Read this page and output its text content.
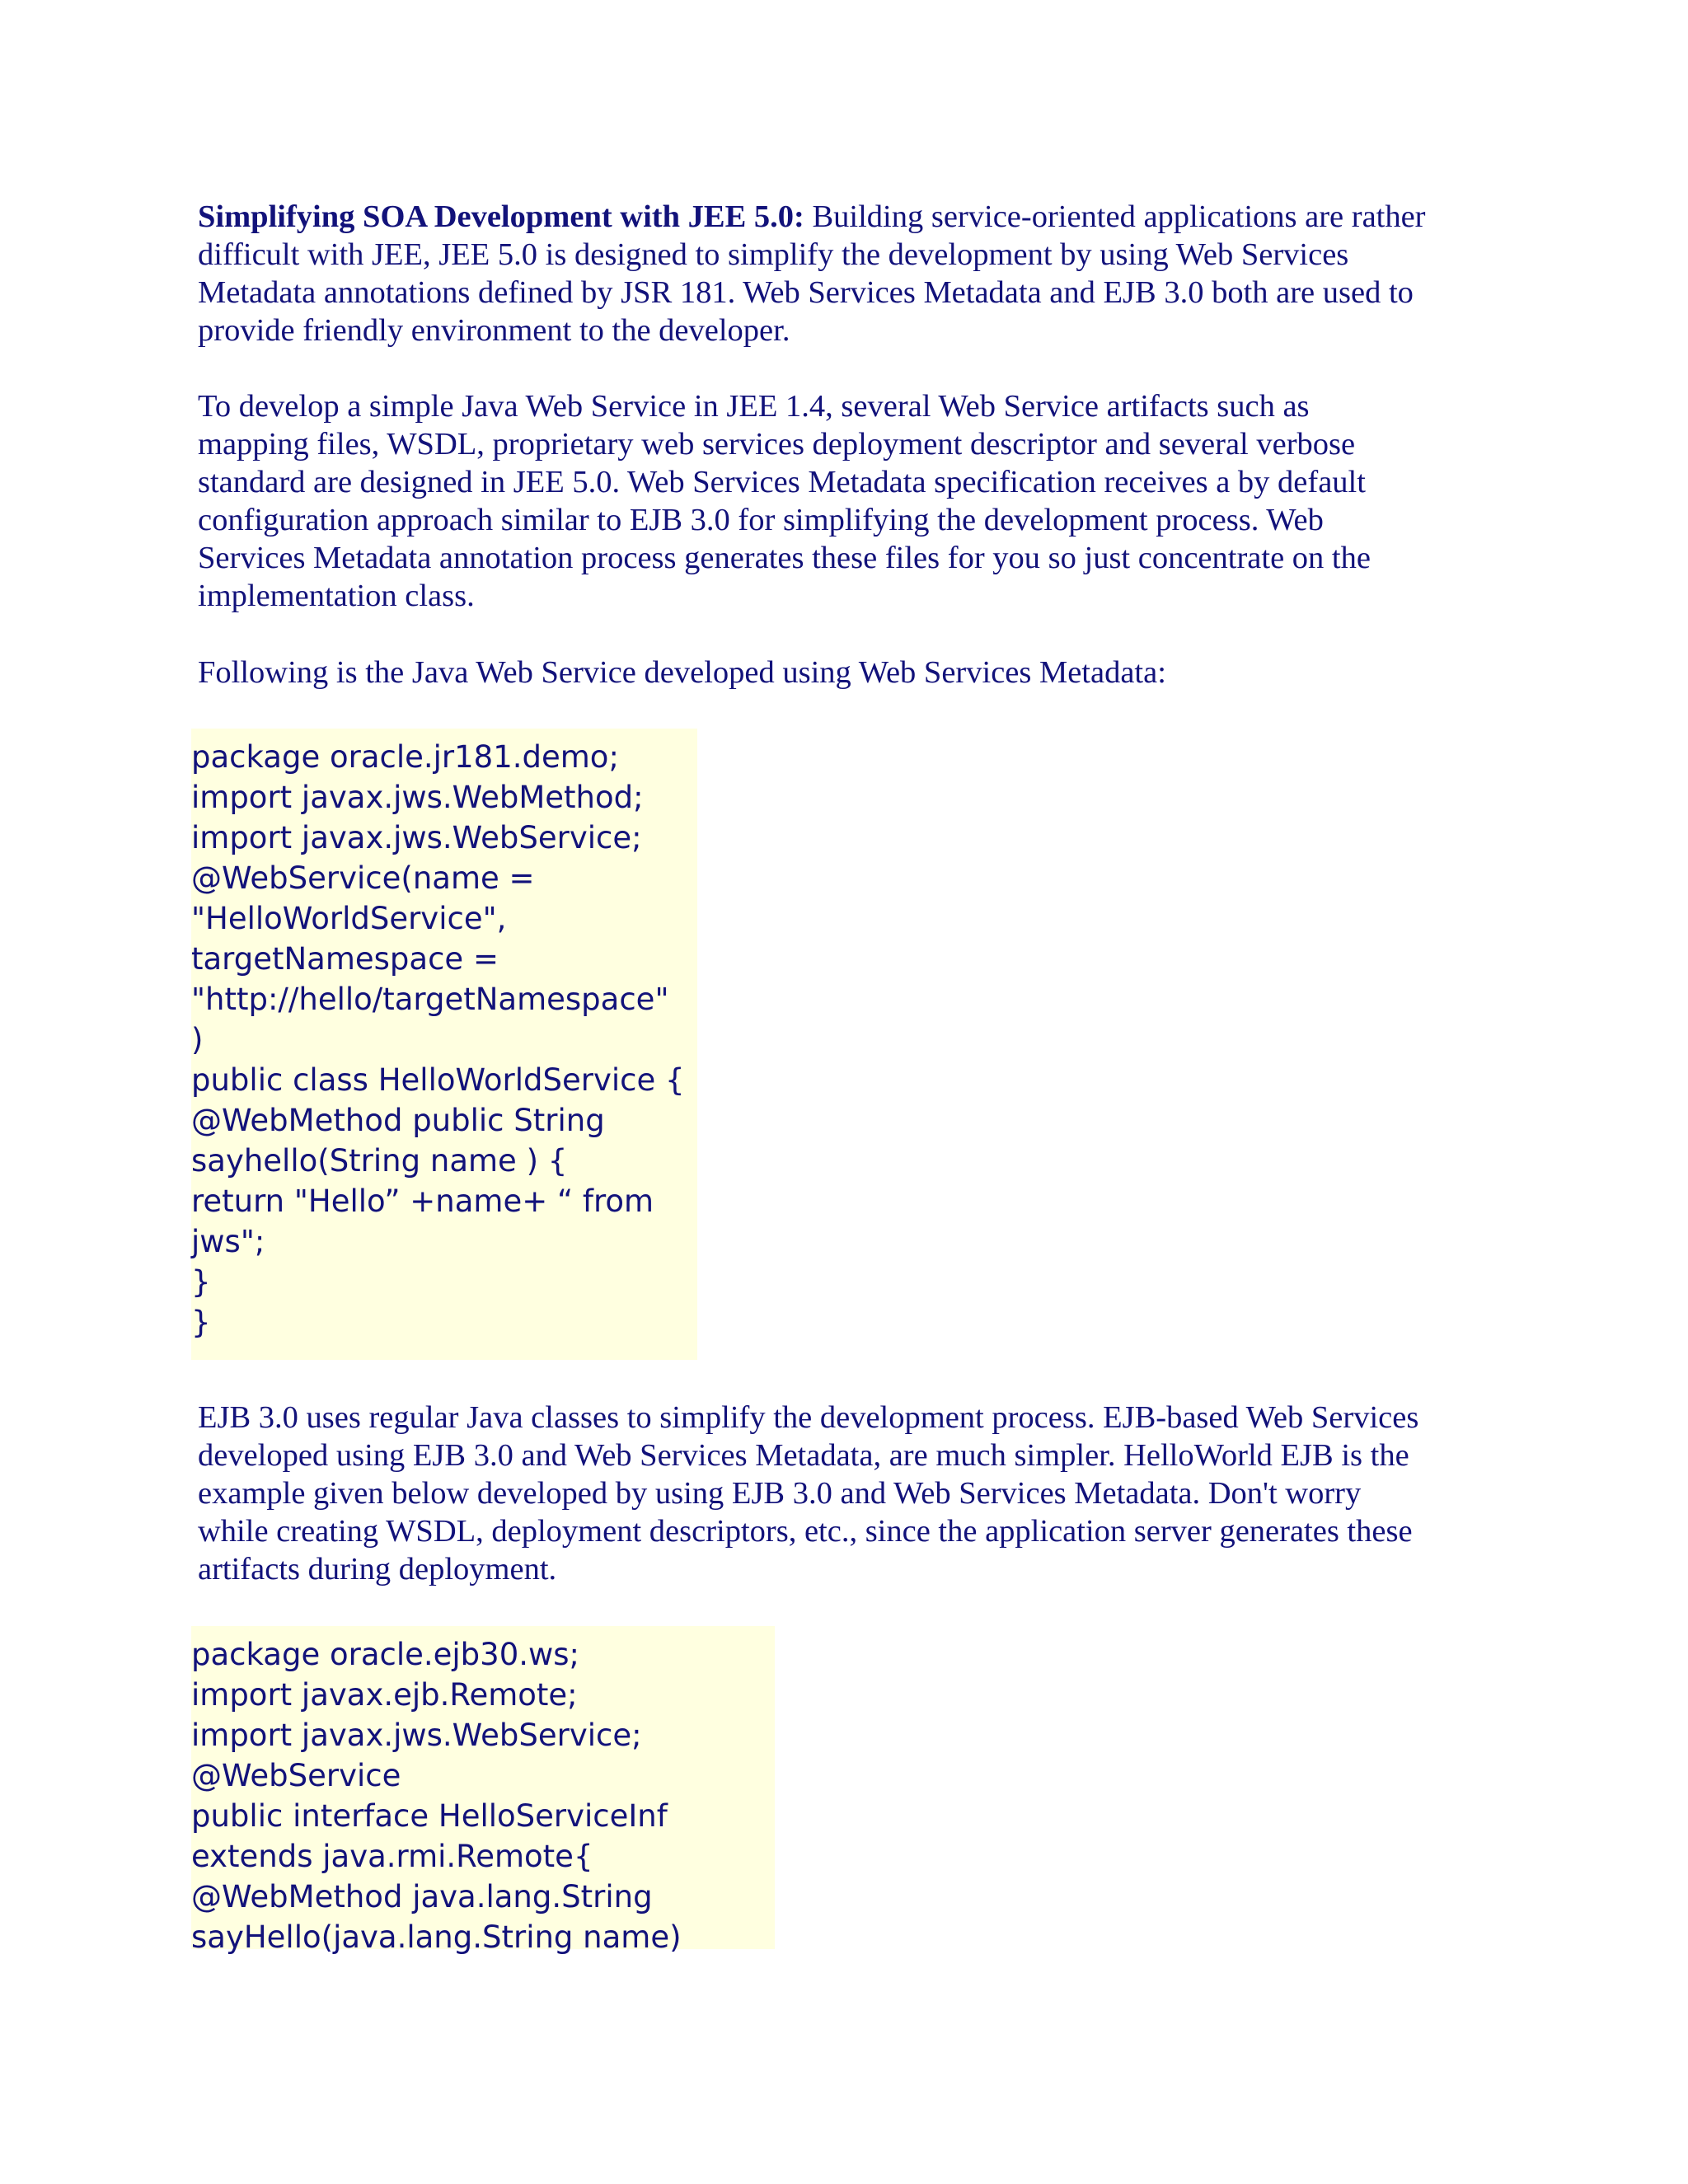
Simplifying SOA Development with JEE 5.0: Building service-oriented applications are rather
difficult with JEE, JEE 5.0 is designed to simplify the development by using Web Services
Metadata annotations defined by JSR 181. Web Services Metadata and EJB 3.0 both are used to
provide friendly environment to the developer.
To develop a simple Java Web Service in JEE 1.4, several Web Service artifacts such as
mapping files, WSDL, proprietary web services deployment descriptor and several verbose
standard are designed in JEE 5.0. Web Services Metadata specification receives a by default
configuration approach similar to EJB 3.0 for simplifying the development process. Web
Services Metadata annotation process generates these files for you so just concentrate on the
implementation class.
Following is the Java Web Service developed using Web Services Metadata:
package oracle.jr181.demo;
import javax.jws.WebMethod;
import javax.jws.WebService;
@WebService(name =
"HelloWorldService",
targetNamespace =
"http://hello/targetNamespace"
)
public class HelloWorldService {
@WebMethod public String
sayhello(String name ) {
return "Hello” +name+ “ from
jws";
}
}
EJB 3.0 uses regular Java classes to simplify the development process. EJB-based Web Services
developed using EJB 3.0 and Web Services Metadata, are much simpler. HelloWorld EJB is the
example given below developed by using EJB 3.0 and Web Services Metadata. Don't worry
while creating WSDL, deployment descriptors, etc., since the application server generates these
artifacts during deployment.
package oracle.ejb30.ws;
import javax.ejb.Remote;
import javax.jws.WebService;
@WebService
public interface HelloServiceInf
extends java.rmi.Remote{
@WebMethod java.lang.String
sayHello(java.lang.String name)
